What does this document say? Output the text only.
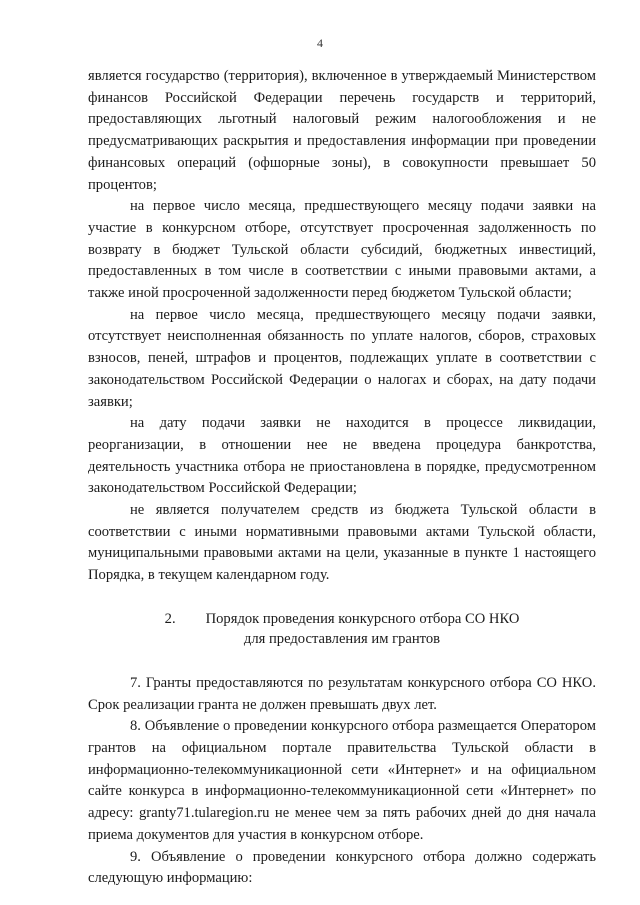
4

является государство (территория), включенное в утверждаемый Министерством финансов Российской Федерации перечень государств и территорий, предоставляющих льготный налоговый режим налогообложения и не предусматривающих раскрытия и предоставления информации при проведении финансовых операций (офшорные зоны), в совокупности превышает 50 процентов;

на первое число месяца, предшествующего месяцу подачи заявки на участие в конкурсном отборе, отсутствует просроченная задолженность по возврату в бюджет Тульской области субсидий, бюджетных инвестиций, предоставленных в том числе в соответствии с иными правовыми актами, а также иной просроченной задолженности перед бюджетом Тульской области;

на первое число месяца, предшествующего месяцу подачи заявки, отсутствует неисполненная обязанность по уплате налогов, сборов, страховых взносов, пеней, штрафов и процентов, подлежащих уплате в соответствии с законодательством Российской Федерации о налогах и сборах, на дату подачи заявки;

на дату подачи заявки не находится в процессе ликвидации, реорганизации, в отношении нее не введена процедура банкротства, деятельность участника отбора не приостановлена в порядке, предусмотренном законодательством Российской Федерации;

не является получателем средств из бюджета Тульской области в соответствии с иными нормативными правовыми актами Тульской области, муниципальными правовыми актами на цели, указанные в пункте 1 настоящего Порядка, в текущем календарном году.

2. Порядок проведения конкурсного отбора СО НКО
для предоставления им грантов

7. Гранты предоставляются по результатам конкурсного отбора СО НКО. Срок реализации гранта не должен превышать двух лет.

8. Объявление о проведении конкурсного отбора размещается Оператором грантов на официальном портале правительства Тульской области в информационно-телекоммуникационной сети «Интернет» и на официальном сайте конкурса в информационно-телекоммуникационной сети «Интернет» по адресу: granty71.tularegion.ru не менее чем за пять рабочих дней до дня начала приема документов для участия в конкурсном отборе.

9. Объявление о проведении конкурсного отбора должно содержать следующую информацию:
